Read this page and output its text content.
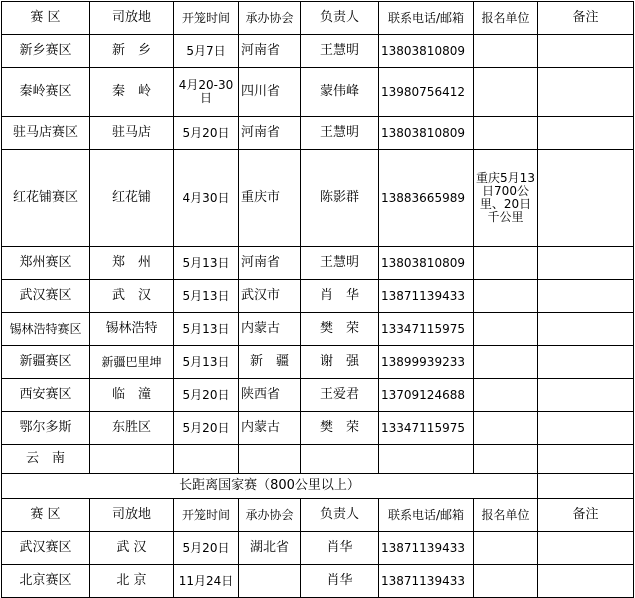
赛 区	司放地	开笼时间	承办协会	负责人	联系电话/邮箱	报名单位	备注
新乡赛区	新　乡	5月7日	河南省	王慧明	13803810809		
秦岭赛区	秦　岭	4月20-30日	四川省	蒙伟峰	13980756412		
驻马店赛区	驻马店	5月20日	河南省	王慧明	13803810809		
红花铺赛区	红花铺	4月30日	重庆市	陈影群	13883665989	重庆5月13日700公里、20日千公里	
郑州赛区	郑　州	5月13日	河南省	王慧明	13803810809		
武汉赛区	武　汉	5月13日	武汉市	肖　华	13871139433		
锡林浩特赛区	锡林浩特	5月13日	内蒙古	樊　荣	13347115975		
新疆赛区	新疆巴里坤	5月13日	新　疆	谢　强	13899939233		
西安赛区	临　潼	5月20日	陕西省	王爱君	13709124688		
鄂尔多斯	东胜区	5月20日	内蒙古	樊　荣	13347115975		
云　南							
长距离国家赛（800公里以上）							
赛 区	司放地	开笼时间	承办协会	负责人	联系电话/邮箱	报名单位	备注
武汉赛区	武 汉	5月20日	湖北省	肖华	13871139433		
北京赛区	北 京	11月24日		肖华	13871139433		
